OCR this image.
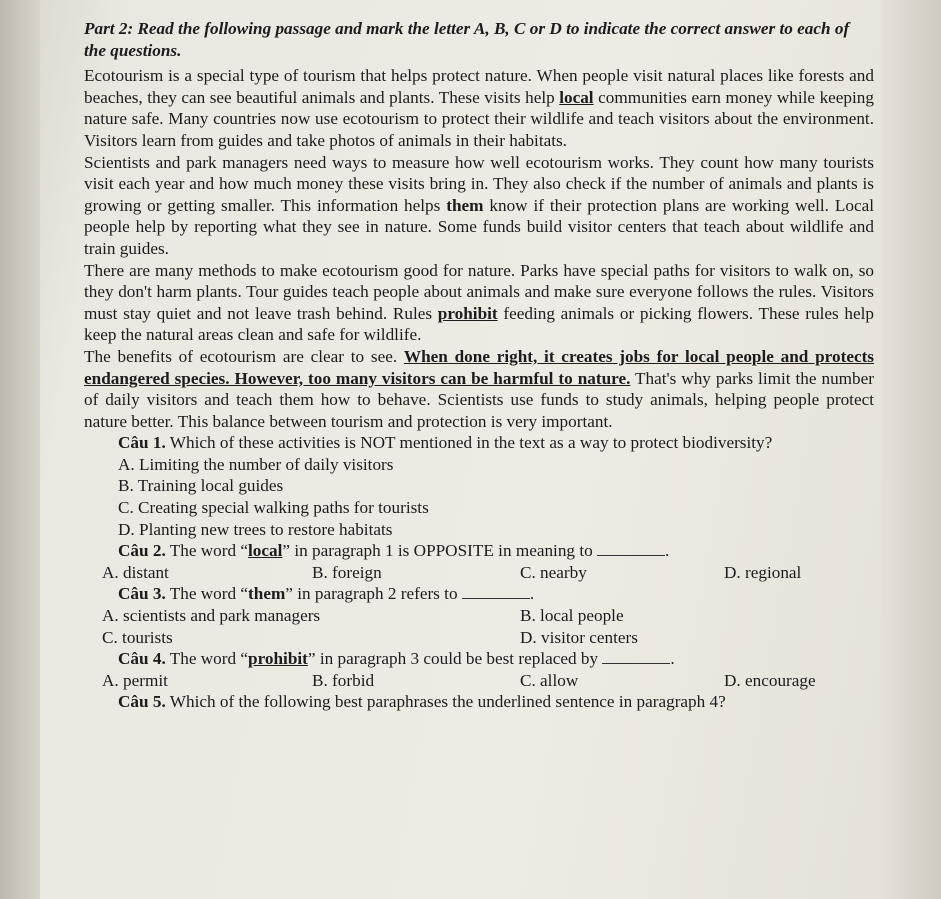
Part 2: Read the following passage and mark the letter A, B, C or D to indicate the correct answer to each of the questions.

Ecotourism is a special type of tourism that helps protect nature. When people visit natural places like forests and beaches, they can see beautiful animals and plants. These visits help local communities earn money while keeping nature safe. Many countries now use ecotourism to protect their wildlife and teach visitors about the environment. Visitors learn from guides and take photos of animals in their habitats.

Scientists and park managers need ways to measure how well ecotourism works. They count how many tourists visit each year and how much money these visits bring in. They also check if the number of animals and plants is growing or getting smaller. This information helps them know if their protection plans are working well. Local people help by reporting what they see in nature. Some funds build visitor centers that teach about wildlife and train guides.

There are many methods to make ecotourism good for nature. Parks have special paths for visitors to walk on, so they don't harm plants. Tour guides teach people about animals and make sure everyone follows the rules. Visitors must stay quiet and not leave trash behind. Rules prohibit feeding animals or picking flowers. These rules help keep the natural areas clean and safe for wildlife.

The benefits of ecotourism are clear to see. When done right, it creates jobs for local people and protects endangered species. However, too many visitors can be harmful to nature. That's why parks limit the number of daily visitors and teach them how to behave. Scientists use funds to study animals, helping people protect nature better. This balance between tourism and protection is very important.

Câu 1. Which of these activities is NOT mentioned in the text as a way to protect biodiversity?
A. Limiting the number of daily visitors
B. Training local guides
C. Creating special walking paths for tourists
D. Planting new trees to restore habitats
Câu 2. The word “local” in paragraph 1 is OPPOSITE in meaning to	.
A. distant	B. foreign	C. nearby	D. regional
Câu 3. The word “them” in paragraph 2 refers to	.
A. scientists and park managers	B. local people
C. tourists	D. visitor centers
Câu 4. The word “prohibit” in paragraph 3 could be best replaced by	.
A. permit	B. forbid	C. allow	D. encourage
Câu 5. Which of the following best paraphrases the underlined sentence in paragraph 4?
